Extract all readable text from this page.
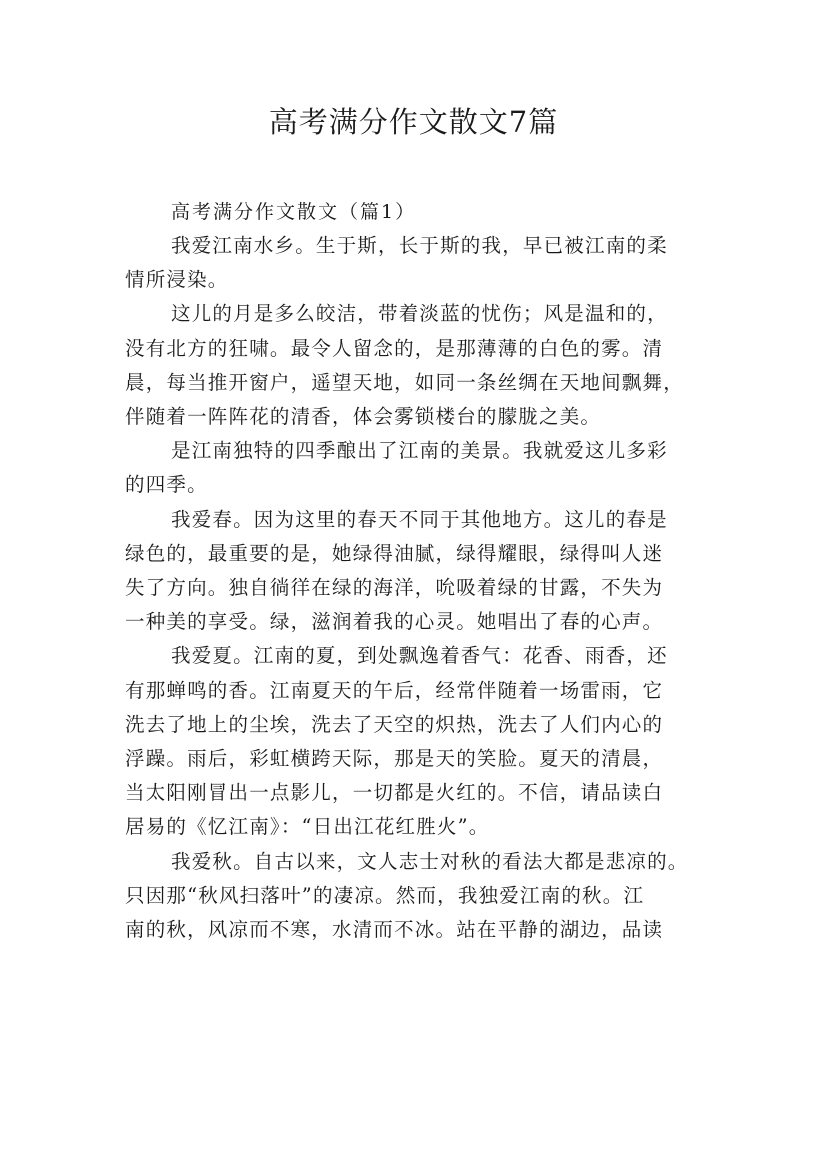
高考满分作文散文7篇

高考满分作文散文（篇1）

我爱江南水乡。生于斯，长于斯的我，早已被江南的柔
情所浸染。

这儿的月是多么皎洁，带着淡蓝的忧伤；风是温和的，
没有北方的狂啸。最令人留念的，是那薄薄的白色的雾。清
晨，每当推开窗户，遥望天地，如同一条丝绸在天地间飘舞，
伴随着一阵阵花的清香，体会雾锁楼台的朦胧之美。

是江南独特的四季酿出了江南的美景。我就爱这儿多彩
的四季。

我爱春。因为这里的春天不同于其他地方。这儿的春是
绿色的，最重要的是，她绿得油腻，绿得耀眼，绿得叫人迷
失了方向。独自徜徉在绿的海洋，吮吸着绿的甘露，不失为
一种美的享受。绿，滋润着我的心灵。她唱出了春的心声。

我爱夏。江南的夏，到处飘逸着香气：花香、雨香，还
有那蝉鸣的香。江南夏天的午后，经常伴随着一场雷雨，它
洗去了地上的尘埃，洗去了天空的炽热，洗去了人们内心的
浮躁。雨后，彩虹横跨天际，那是天的笑脸。夏天的清晨，
当太阳刚冒出一点影儿，一切都是火红的。不信，请品读白
居易的《忆江南》：“日出江花红胜火”。

我爱秋。自古以来，文人志士对秋的看法大都是悲凉的。
只因那“秋风扫落叶”的凄凉。然而，我独爱江南的秋。江
南的秋，风凉而不寒，水清而不冰。站在平静的湖边，品读
